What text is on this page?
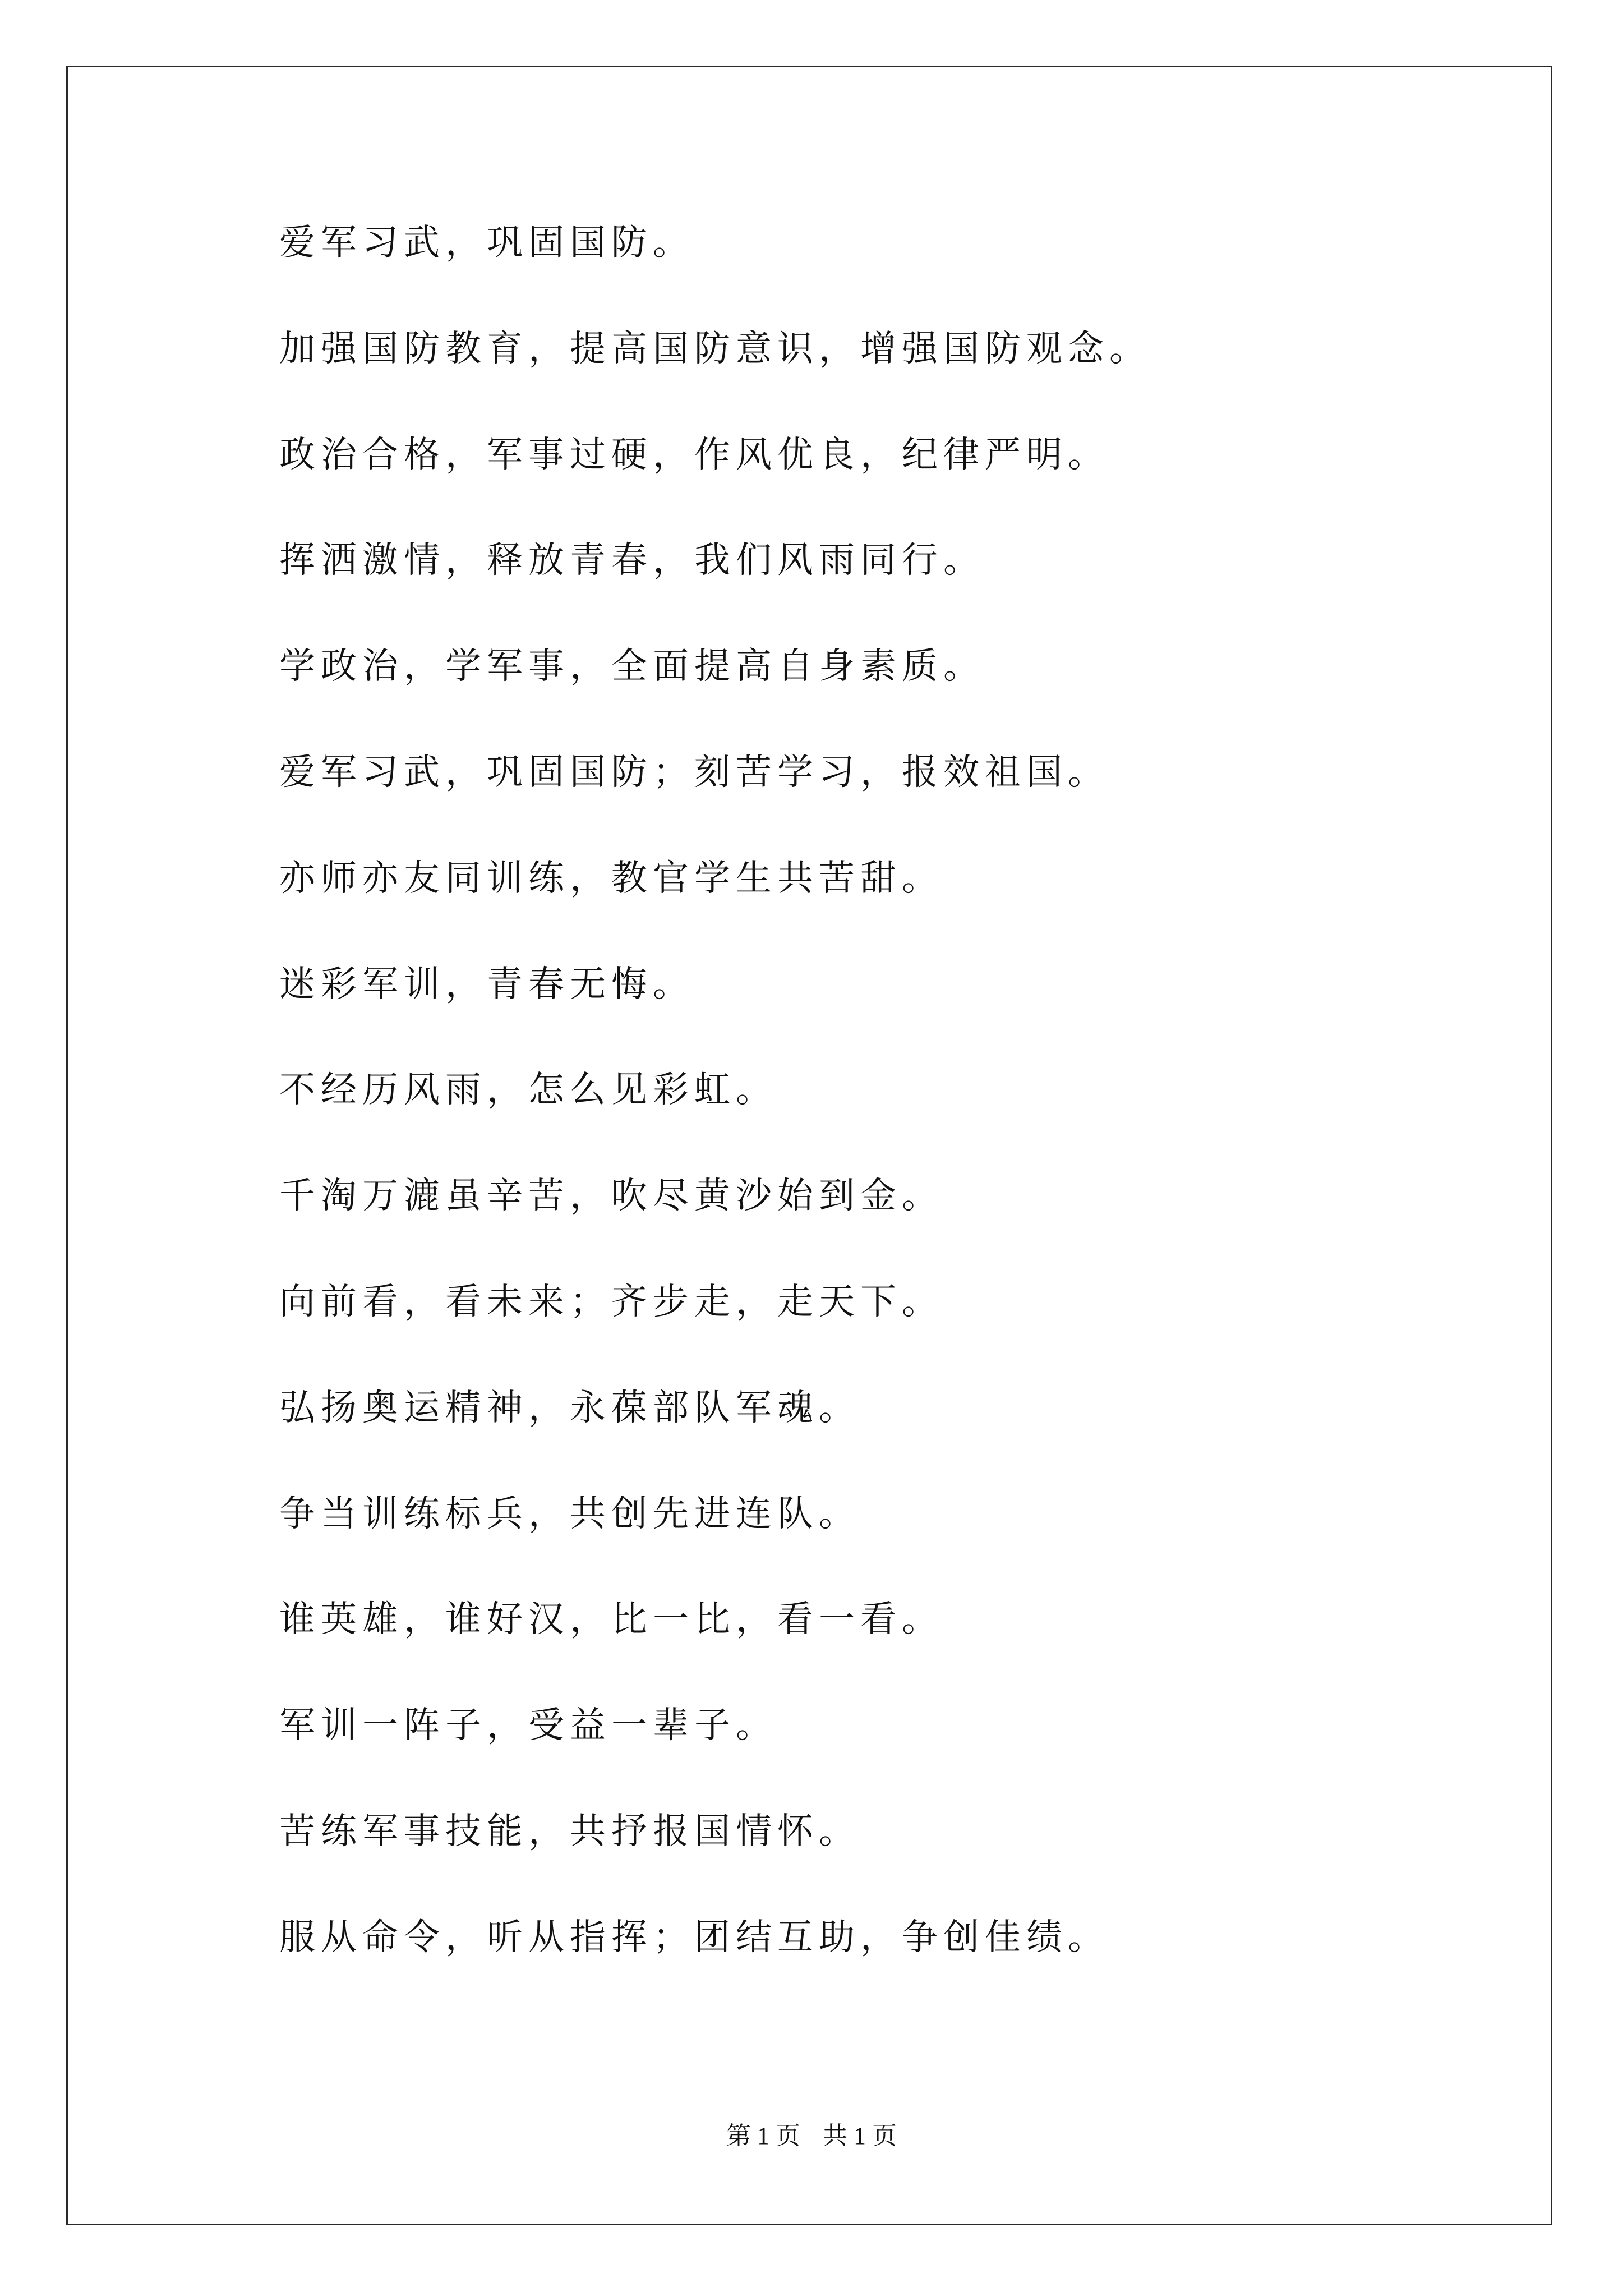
爱军习武，巩固国防。
加强国防教育，提高国防意识，增强国防观念。
政治合格，军事过硬，作风优良，纪律严明。
挥洒激情，释放青春，我们风雨同行。
学政治，学军事，全面提高自身素质。
爱军习武，巩固国防；刻苦学习，报效祖国。
亦师亦友同训练，教官学生共苦甜。
迷彩军训，青春无悔。
不经历风雨，怎么见彩虹。
千淘万漉虽辛苦，吹尽黄沙始到金。
向前看，看未来；齐步走，走天下。
弘扬奥运精神，永葆部队军魂。
争当训练标兵，共创先进连队。
谁英雄，谁好汉，比一比，看一看。
军训一阵子，受益一辈子。
苦练军事技能，共抒报国情怀。
服从命令，听从指挥；团结互助，争创佳绩。
第 1 页 共 1 页
